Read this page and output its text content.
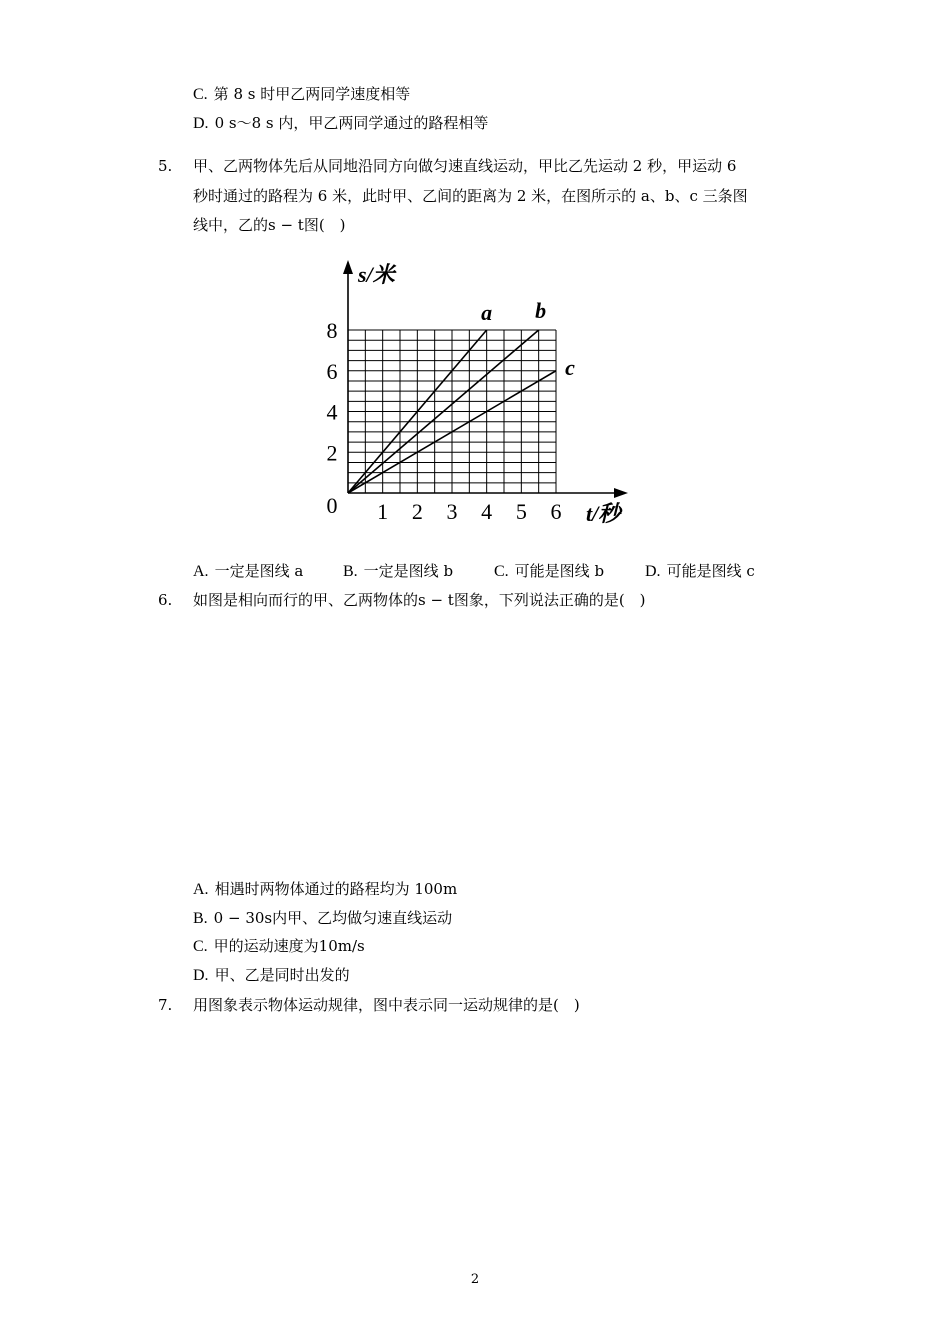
C. 第 8 s 时甲乙两同学速度相等
D. 0 s～8 s 内，甲乙两同学通过的路程相等
5. 甲、乙两物体先后从同地沿同方向做匀速直线运动，甲比乙先运动 2 秒，甲运动 6
秒时通过的路程为 6 米，此时甲、乙间的距离为 2 米，在图所示的 a、b、c 三条图
线中，乙的s − t图(　)
a b
c
1 2 3 4 5 6
2
4
6
8
0
s/米
t/秒
A. 一定是图线 a B. 一定是图线 b	C. 可能是图线 b	D. 可能是图线 c
6. 如图是相向而行的甲、乙两物体的s − t图象，下列说法正确的是(　)
A. 相遇时两物体通过的路程均为 100m
B. 0 − 30s内甲、乙均做匀速直线运动
C. 甲的运动速度为10m/s
D. 甲、乙是同时出发的
7. 用图象表示物体运动规律，图中表示同一运动规律的是(　)
2
